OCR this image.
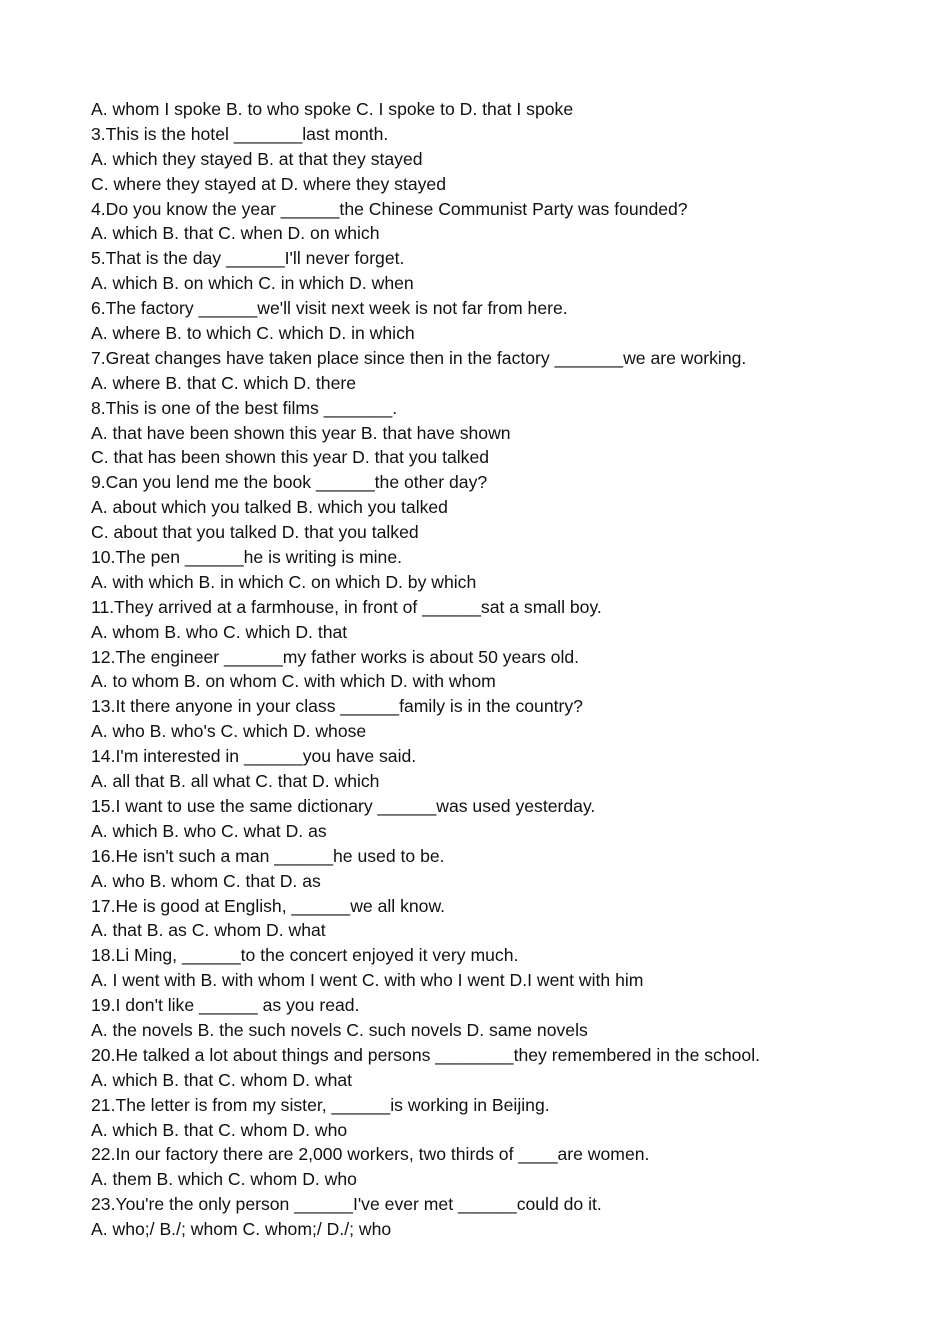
A. whom I spoke B. to who spoke C. I spoke to D. that I spoke
3.This is the hotel _______last month.
A. which they stayed B. at that they stayed
C. where they stayed at D. where they stayed
4.Do you know the year ______the Chinese Communist Party was founded?
A. which B. that C. when D. on which
5.That is the day ______I'll never forget.
A. which B. on which C. in which D. when
6.The factory ______we'll visit next week is not far from here.
A. where B. to which C. which D. in which
7.Great changes have taken place since then in the factory _______we are working.
A. where B. that C. which D. there
8.This is one of the best films _______.
A. that have been shown this year B. that have shown
C. that has been shown this year D. that you talked
9.Can you lend me the book ______the other day?
A. about which you talked B. which you talked
C. about that you talked D. that you talked
10.The pen ______he is writing is mine.
A. with which B. in which C. on which D. by which
11.They arrived at a farmhouse, in front of ______sat a small boy.
A. whom B. who C. which D. that
12.The engineer ______my father works is about 50 years old.
A. to whom B. on whom C. with which D. with whom
13.It there anyone in your class ______family is in the country?
A. who B. who's C. which D. whose
14.I'm interested in ______you have said.
A. all that B. all what C. that D. which
15.I want to use the same dictionary ______was used yesterday.
A. which B. who C. what D. as
16.He isn't such a man ______he used to be.
A. who B. whom C. that D. as
17.He is good at English, ______we all know.
A. that B. as C. whom D. what
18.Li Ming, ______to the concert enjoyed it very much.
A. I went with B. with whom I went C. with who I went D.I went with him
19.I don't like ______ as you read.
A. the novels B. the such novels C. such novels D. same novels
20.He talked a lot about things and persons ________they remembered in the school.
A. which B. that C. whom D. what
21.The letter is from my sister, ______is working in Beijing.
A. which B. that C. whom D. who
22.In our factory there are 2,000 workers, two thirds of ____are women.
A. them B. which C. whom D. who
23.You're the only person ______I've ever met ______could do it.
A. who;/ B./; whom C. whom;/ D./; who
